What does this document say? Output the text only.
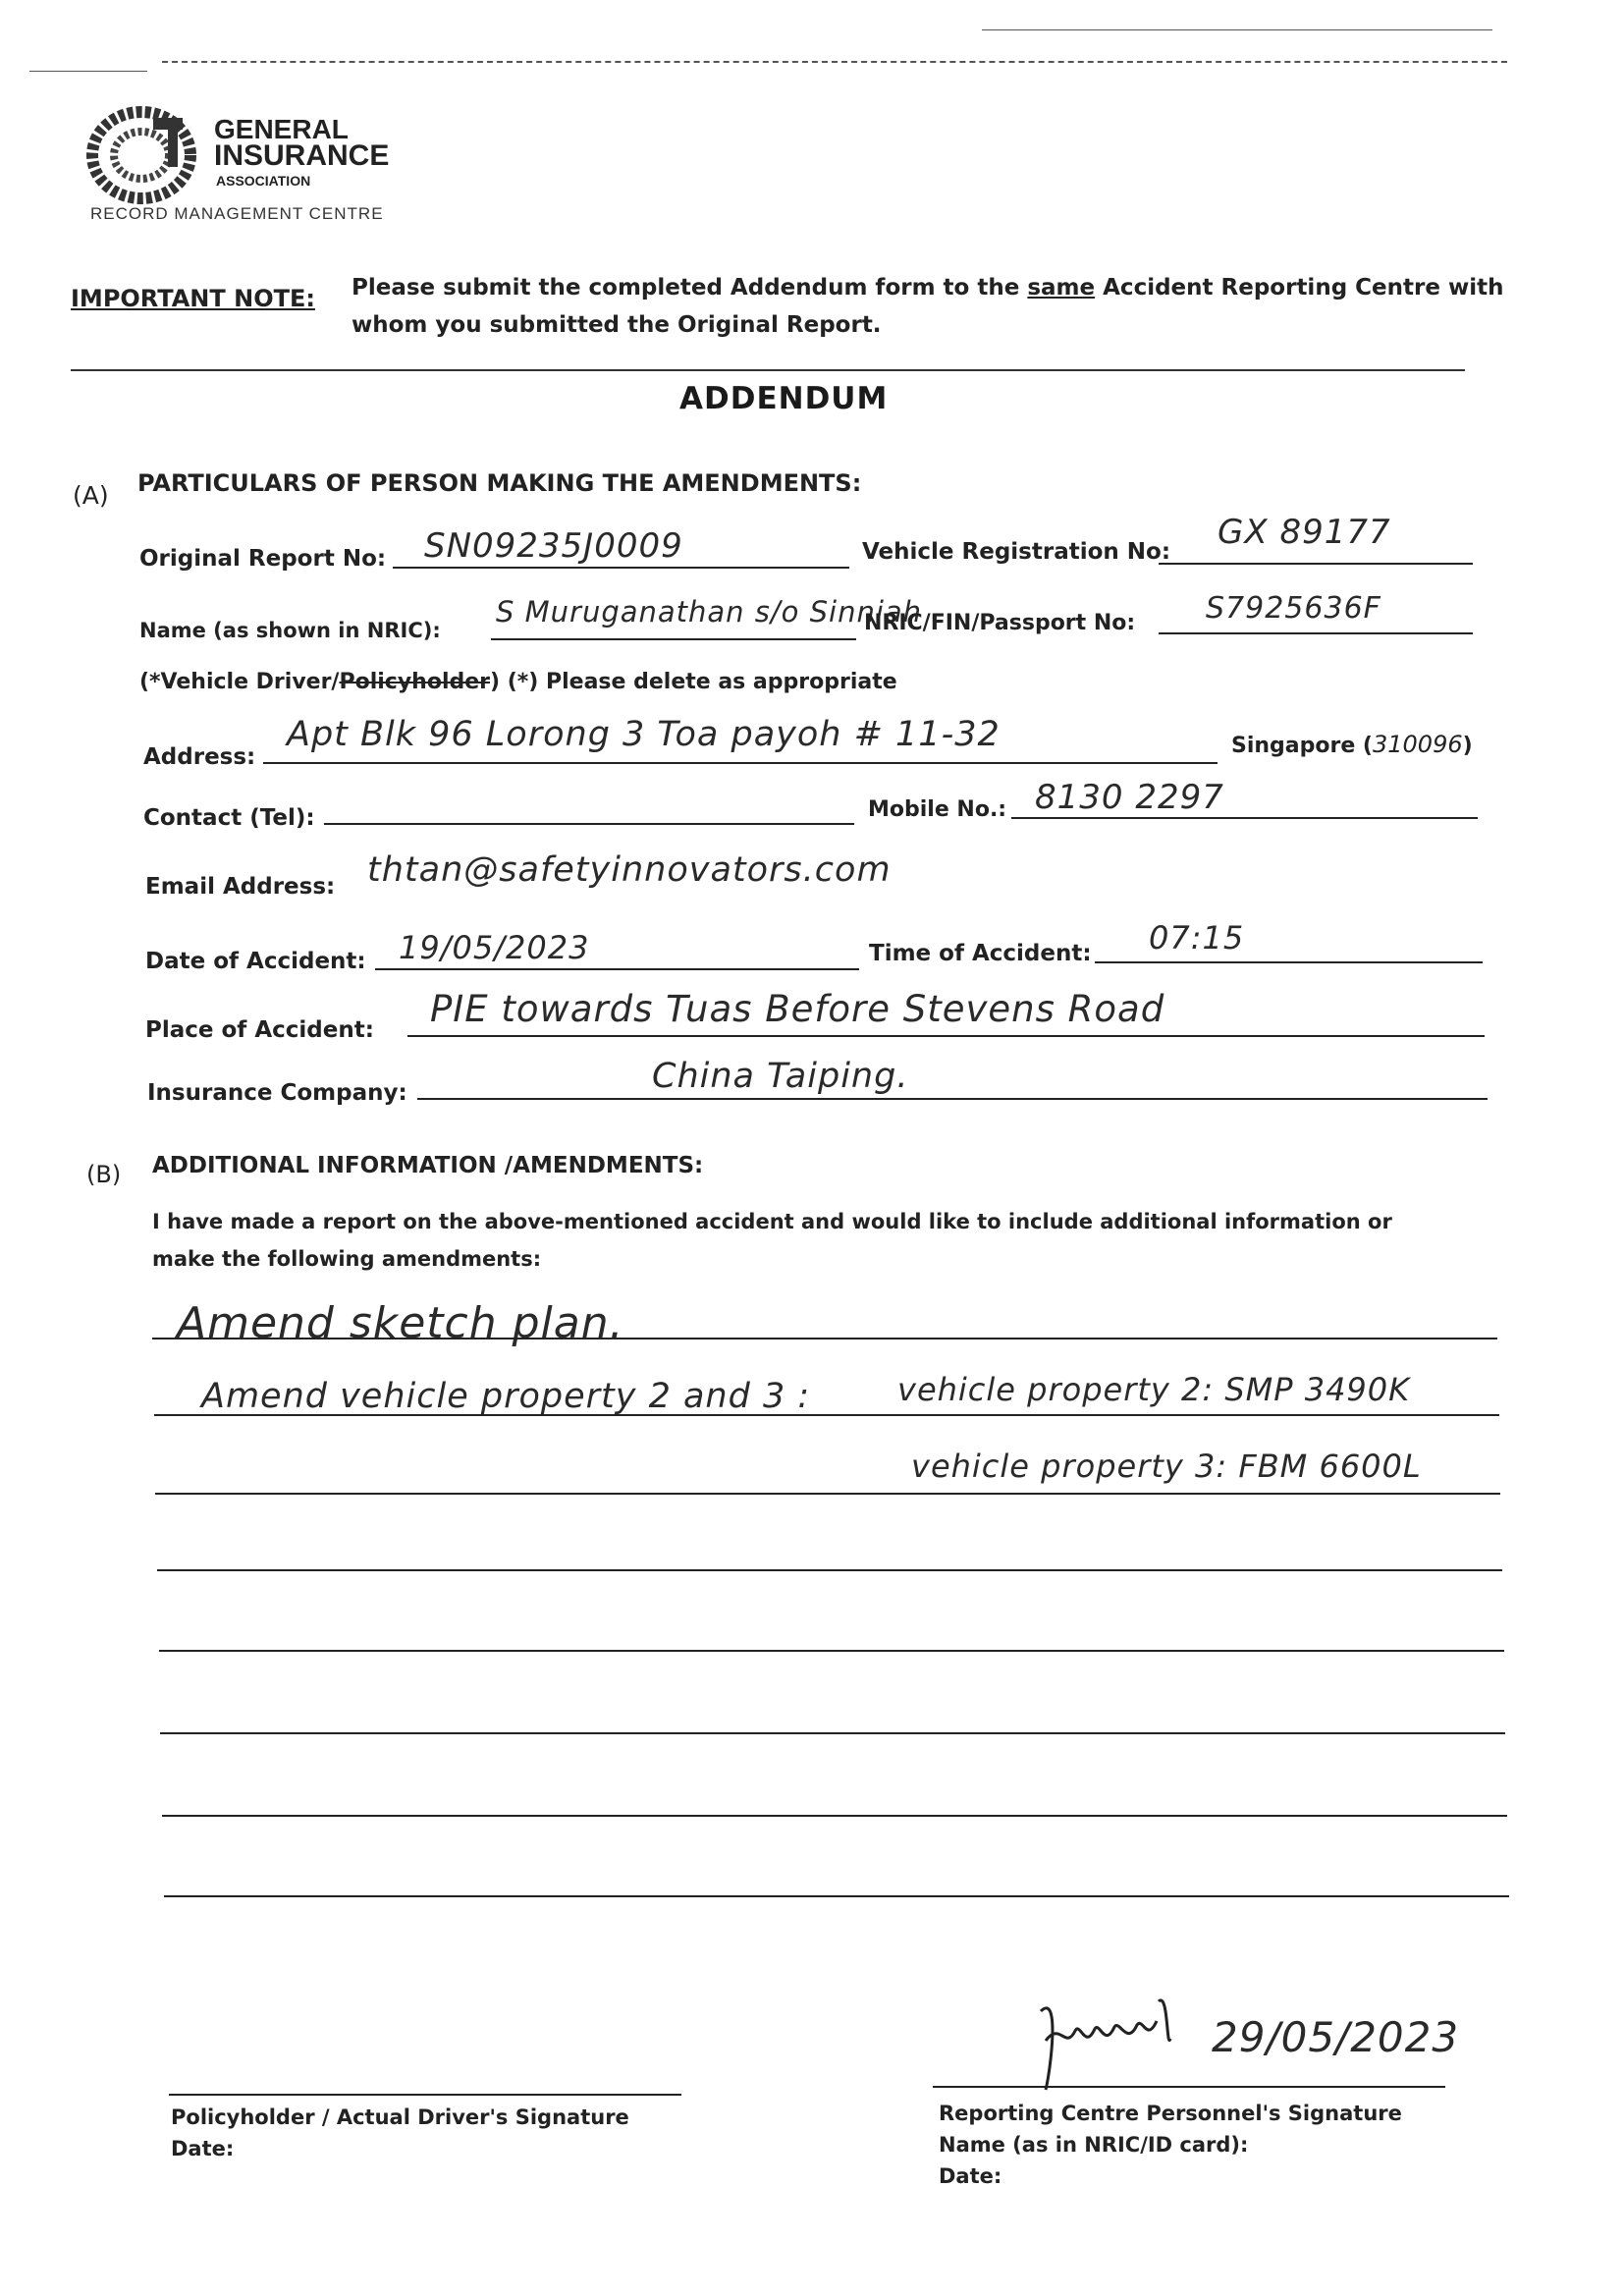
GENERAL
INSURANCE
ASSOCIATION
RECORD MANAGEMENT CENTRE
IMPORTANT NOTE: Please submit the completed Addendum form to the same Accident Reporting Centre with
whom you submitted the Original Report.
ADDENDUM
(A) PARTICULARS OF PERSON MAKING THE AMENDMENTS:
Original Report No: SN09235J0009	Vehicle Registration No: GX 89177
Name (as shown in NRIC):
S Muruganathan s/o Sinniah
NRIC/FIN/Passport No: S7925636F
(*Vehicle Driver/Policyholder) (*) Please delete as appropriate
Address:
Apt Blk 96 Lorong 3 Toa payoh # 11-32	Singapore (310096)
Contact (Tel):	Mobile No.: 8130 2297
Email Address: thtan@safetyinnovators.com
Date of Accident: 19/05/2023	Time of Accident: 07:15
Place of Accident: PIE towards Tuas Before Stevens Road
Insurance Company:	China Taiping.
(B) ADDITIONAL INFORMATION /AMENDMENTS:
I have made a report on the above-mentioned accident and would like to include additional information or
make the following amendments:
Amend sketch plan.
Amend vehicle property 2 and 3 :	vehicle property 2: SMP 3490K
vehicle property 3: FBM 6600L
Policyholder / Actual Driver's Signature
Date:
29/05/2023
Reporting Centre Personnel's Signature
Name (as in NRIC/ID card):
Date:
